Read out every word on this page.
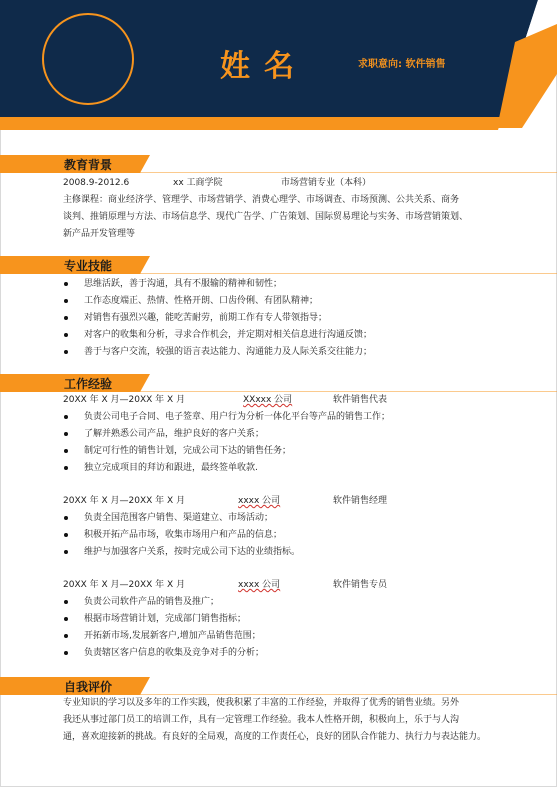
姓名	求职意向: 软件销售
教育背景
2008.9-2012.6	xx 工商学院	市场营销专业（本科）
主修课程：商业经济学、管理学、市场营销学、消费心理学、市场调查、市场预测、公共关系、商务
谈判、推销原理与方法、市场信息学、现代广告学、广告策划、国际贸易理论与实务、市场营销策划、
新产品开发管理等
专业技能
思维活跃，善于沟通，具有不服输的精神和韧性；
工作态度端正、热情、性格开朗、口齿伶俐、有团队精神；
对销售有强烈兴趣，能吃苦耐劳，前期工作有专人带领指导；
对客户的收集和分析，寻求合作机会，并定期对相关信息进行沟通反馈；
善于与客户交流，较强的语言表达能力、沟通能力及人际关系交往能力；
工作经验
20XX 年 X 月—20XX 年 X 月	XXxxx 公司	软件销售代表
负责公司电子合同、电子签章、用户行为分析一体化平台等产品的销售工作；
了解并熟悉公司产品，维护良好的客户关系；
制定可行性的销售计划，完成公司下达的销售任务；
独立完成项目的拜访和跟进，最终签单收款.
20XX 年 X 月—20XX 年 X 月	xxxx 公司	软件销售经理
负责全国范围客户销售、渠道建立、市场活动；
积极开拓产品市场，收集市场用户和产品的信息；
维护与加强客户关系，按时完成公司下达的业绩指标。
20XX 年 X 月—20XX 年 X 月	xxxx 公司	软件销售专员
负责公司软件产品的销售及推广；
根据市场营销计划，完成部门销售指标；
开拓新市场,发展新客户,增加产品销售范围；
负责辖区客户信息的收集及竞争对手的分析；
自我评价
专业知识的学习以及多年的工作实践，使我积累了丰富的工作经验，并取得了优秀的销售业绩。另外
我还从事过部门员工的培训工作，具有一定管理工作经验。我本人性格开朗，积极向上，乐于与人沟
通，喜欢迎接新的挑战。有良好的全局观，高度的工作责任心，良好的团队合作能力、执行力与表达能力。
